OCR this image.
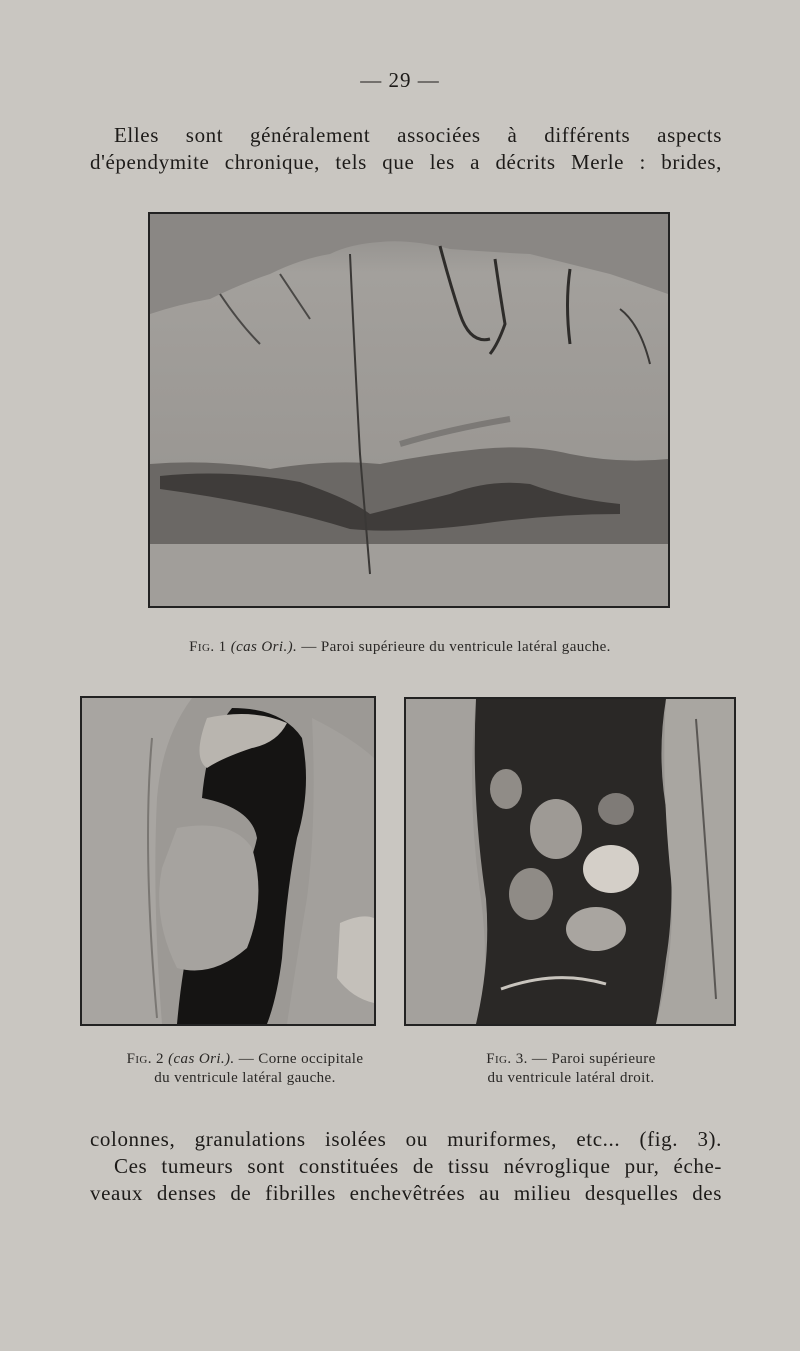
— 29 —
Elles sont généralement associées à différents aspects
d'épendymite chronique, tels que les a décrits Merle : brides,
Fig. 1 (cas Ori.). — Paroi supérieure du ventricule latéral gauche.
Fig. 2 (cas Ori.). — Corne occipitale
du ventricule latéral gauche.
Fig. 3. — Paroi supérieure
du ventricule latéral droit.
colonnes, granulations isolées ou muriformes, etc... (fig. 3).
Ces tumeurs sont constituées de tissu névroglique pur, éche-
veaux denses de fibrilles enchevêtrées au milieu desquelles des
